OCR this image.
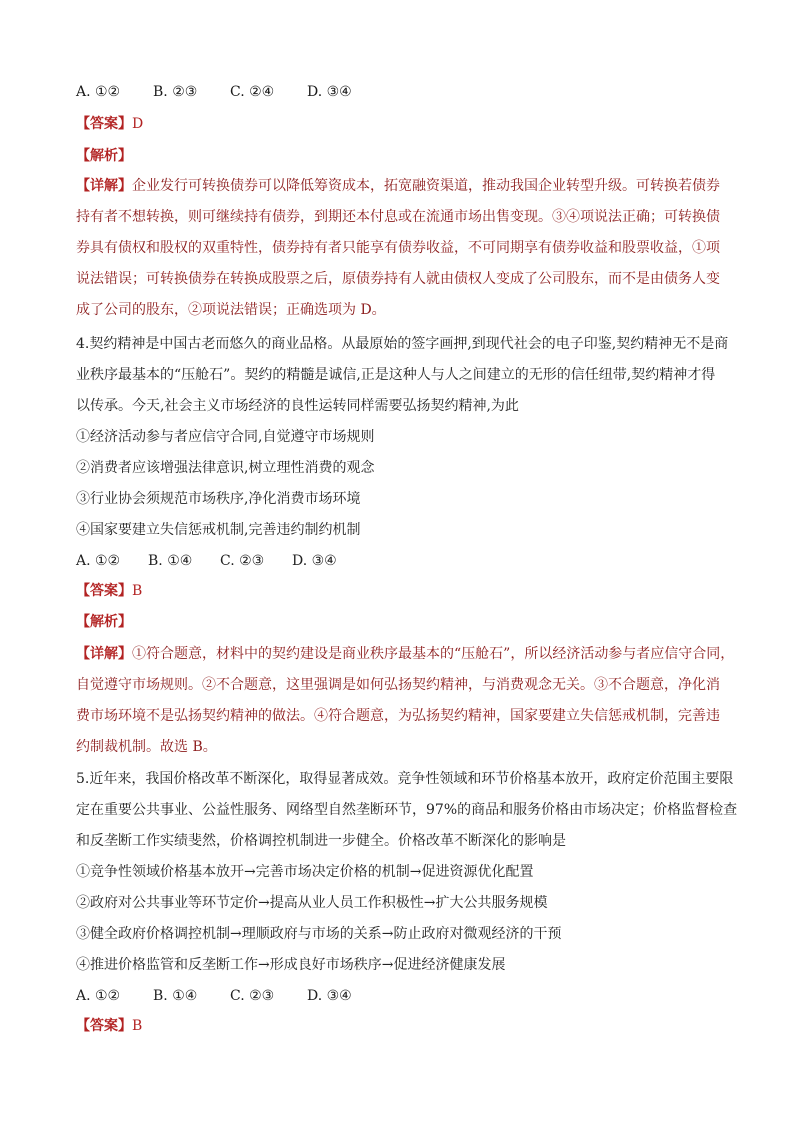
A. ①② B. ②③ C. ②④ D. ③④
【答案】D
【解析】
【详解】企业发行可转换债券可以降低筹资成本，拓宽融资渠道，推动我国企业转型升级。可转换若债券
持有者不想转换，则可继续持有债券，到期还本付息或在流通市场出售变现。③④项说法正确；可转换债
券具有债权和股权的双重特性，债券持有者只能享有债券收益，不可同期享有债券收益和股票收益，①项
说法错误；可转换债券在转换成股票之后，原债券持有人就由债权人变成了公司股东，而不是由债务人变
成了公司的股东，②项说法错误；正确选项为 D。
4.契约精神是中国古老而悠久的商业品格。从最原始的签字画押,到现代社会的电子印鉴,契约精神无不是商
业秩序最基本的“压舱石”。契约的精髓是诚信,正是这种人与人之间建立的无形的信任纽带,契约精神才得
以传承。今天,社会主义市场经济的良性运转同样需要弘扬契约精神,为此
①经济活动参与者应信守合同,自觉遵守市场规则
②消费者应该增强法律意识,树立理性消费的观念
③行业协会须规范市场秩序,净化消费市场环境
④国家要建立失信惩戒机制,完善违约制约机制
A. ①② B. ①④ C. ②③ D. ③④
【答案】B
【解析】
【详解】①符合题意，材料中的契约建设是商业秩序最基本的“压舱石”，所以经济活动参与者应信守合同，
自觉遵守市场规则。②不合题意，这里强调是如何弘扬契约精神，与消费观念无关。③不合题意，净化消
费市场环境不是弘扬契约精神的做法。④符合题意，为弘扬契约精神，国家要建立失信惩戒机制，完善违
约制裁机制。故选 B。
5.近年来，我国价格改革不断深化，取得显著成效。竞争性领域和环节价格基本放开，政府定价范围主要限
定在重要公共事业、公益性服务、网络型自然垄断环节，97%的商品和服务价格由市场决定；价格监督检查
和反垄断工作实绩斐然，价格调控机制进一步健全。价格改革不断深化的影响是
①竞争性领域价格基本放开→完善市场决定价格的机制→促进资源优化配置
②政府对公共事业等环节定价→提高从业人员工作积极性→扩大公共服务规模
③健全政府价格调控机制→理顺政府与市场的关系→防止政府对微观经济的干预
④推进价格监管和反垄断工作→形成良好市场秩序→促进经济健康发展
A. ①② B. ①④ C. ②③ D. ③④
【答案】B
